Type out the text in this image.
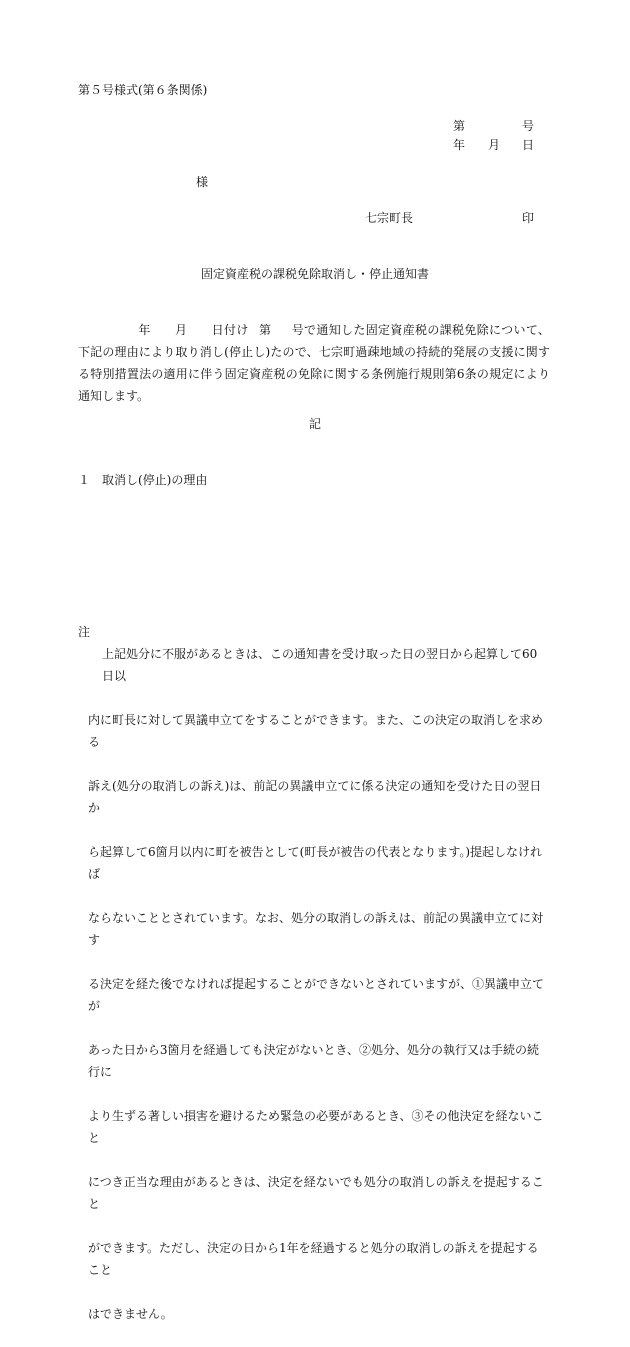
第５号様式(第６条関係)
第	号
年 月 日
様
七宗町長	印
固定資産税の課税免除取消し・停止通知書
年 月 日付け 第 号で通知した固定資産税の課税免除について、下記の理由により取り消し(停止し)たので、七宗町過疎地域の持続的発展の支援に関する特別措置法の適用に伴う固定資産税の免除に関する条例施行規則第6条の規定により通知します。
記
１　取消し(停止)の理由
注

上記処分に不服があるときは、この通知書を受け取った日の翌日から起算して60日以

内に町長に対して異議申立てをすることができます。また、この決定の取消しを求める

訴え(処分の取消しの訴え)は、前記の異議申立てに係る決定の通知を受けた日の翌日か

ら起算して6箇月以内に町を被告として(町長が被告の代表となります。)提起しなければ

ならないこととされています。なお、処分の取消しの訴えは、前記の異議申立てに対す

る決定を経た後でなければ提起することができないとされていますが、①異議申立てが

あった日から3箇月を経過しても決定がないとき、②処分、処分の執行又は手続の続行に

より生ずる著しい損害を避けるため緊急の必要があるとき、③その他決定を経ないこと

につき正当な理由があるときは、決定を経ないでも処分の取消しの訴えを提起すること

ができます。ただし、決定の日から1年を経過すると処分の取消しの訴えを提起すること

はできません。
